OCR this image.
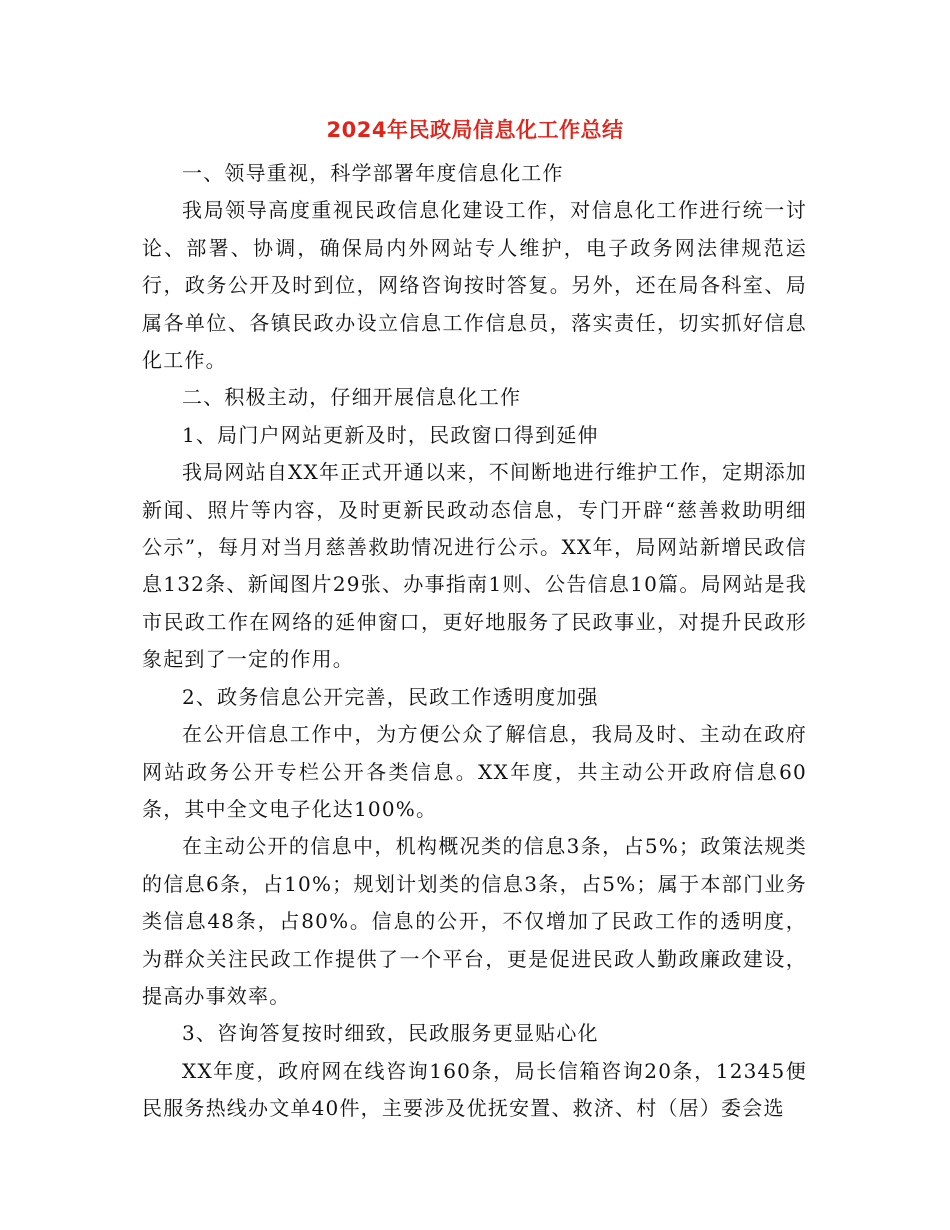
2024年民政局信息化工作总结

一、领导重视，科学部署年度信息化工作

我局领导高度重视民政信息化建设工作，对信息化工作进行统一讨论、部署、协调，确保局内外网站专人维护，电子政务网法律规范运行，政务公开及时到位，网络咨询按时答复。另外，还在局各科室、局属各单位、各镇民政办设立信息工作信息员，落实责任，切实抓好信息化工作。

二、积极主动，仔细开展信息化工作

1、局门户网站更新及时，民政窗口得到延伸

我局网站自XX年正式开通以来，不间断地进行维护工作，定期添加新闻、照片等内容，及时更新民政动态信息，专门开辟“慈善救助明细公示”，每月对当月慈善救助情况进行公示。XX年，局网站新增民政信息132条、新闻图片29张、办事指南1则、公告信息10篇。局网站是我市民政工作在网络的延伸窗口，更好地服务了民政事业，对提升民政形象起到了一定的作用。

2、政务信息公开完善，民政工作透明度加强

在公开信息工作中，为方便公众了解信息，我局及时、主动在政府网站政务公开专栏公开各类信息。XX年度，共主动公开政府信息60条，其中全文电子化达100%。

在主动公开的信息中，机构概况类的信息3条，占5%；政策法规类的信息6条，占10%；规划计划类的信息3条，占5%；属于本部门业务类信息48条，占80%。信息的公开，不仅增加了民政工作的透明度，为群众关注民政工作提供了一个平台，更是促进民政人勤政廉政建设，提高办事效率。

3、咨询答复按时细致，民政服务更显贴心化

XX年度，政府网在线咨询160条，局长信箱咨询20条，12345便民服务热线办文单40件，主要涉及优抚安置、救济、村（居）委会选
